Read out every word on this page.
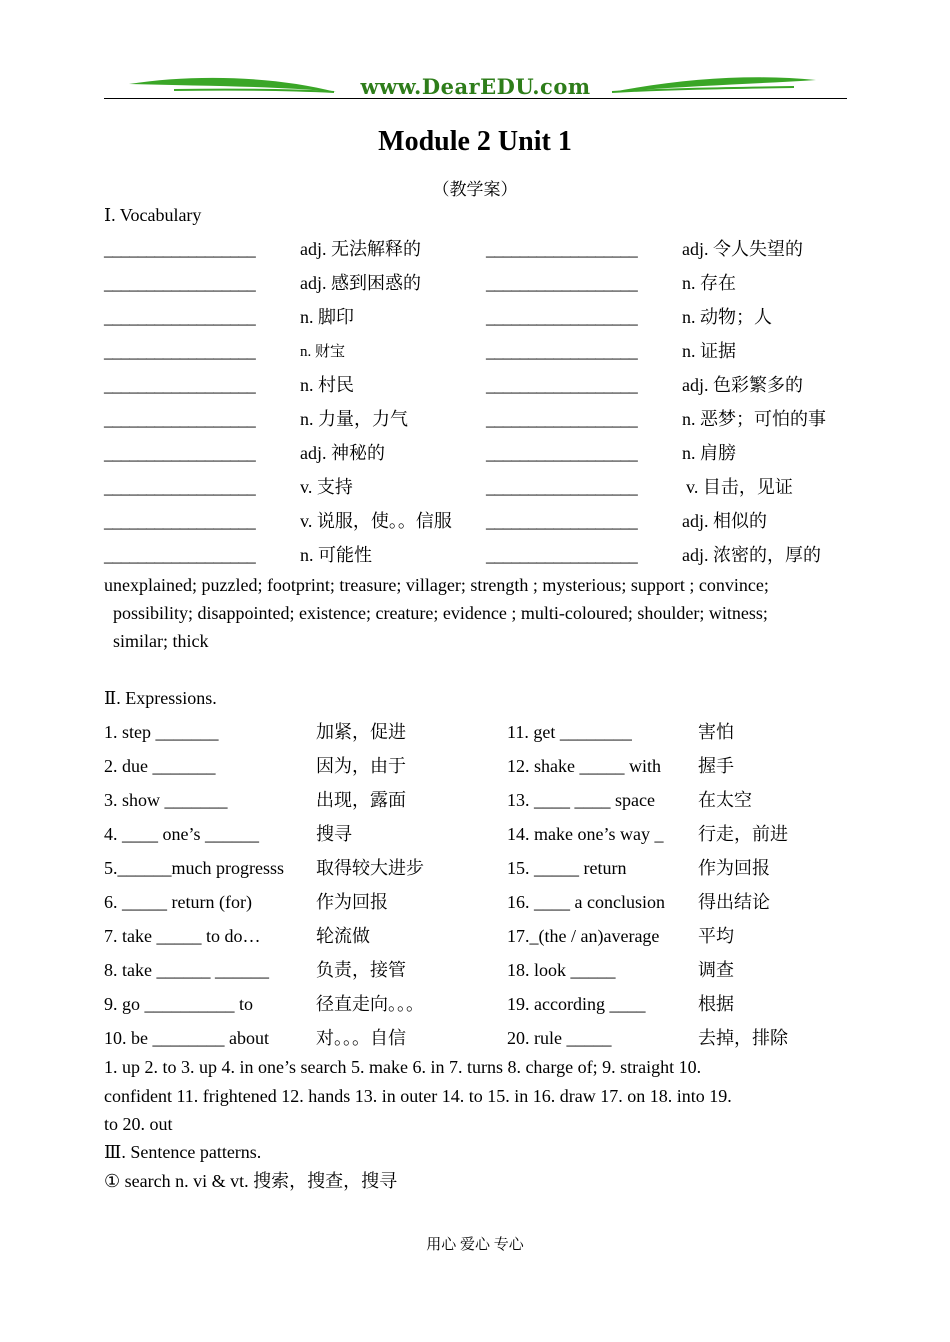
www.DearEDU.com
Module 2 Unit 1
（教学案）
Ⅰ. Vocabulary
__________________ adj. 无法解释的	__________________ adj. 令人失望的
__________________ adj. 感到困惑的	__________________ n. 存在
__________________ n. 脚印	__________________ n. 动物；人
__________________	n. 财宝	__________________ n. 证据
__________________ n. 村民	__________________ adj. 色彩繁多的
__________________ n. 力量，力气	__________________ n. 恶梦；可怕的事
__________________ adj. 神秘的	__________________ n. 肩膀
__________________ v. 支持	__________________	v. 目击，见证
__________________ v. 说服，使。。信服 __________________ adj. 相似的
__________________ n. 可能性	__________________ adj. 浓密的，厚的
unexplained; puzzled; footprint; treasure; villager; strength ; mysterious; support ; convince;
possibility; disappointed; existence; creature; evidence ; multi-coloured; shoulder; witness;
similar; thick
Ⅱ. Expressions.
1. step _______	加紧，促进	11. get ________	害怕
2. due _______	因为，由于	12. shake _____ with 握手
3. show _______	出现，露面	13. ____ ____ space 在太空
4. ____ one’s ______	搜寻	14. make one’s way _ 行走，前进
5.______much progresss 取得较大进步	15. _____ return	作为回报
6. _____ return (for)	作为回报	16. ____ a conclusion 得出结论
7. take _____ to do…	轮流做	17._(the / an)average 平均
8. take ______ ______	负责，接管	18. look _____	调查
9. go __________ to	径直走向。。。	19. according ____	根据
10. be ________ about	对。。。自信	20. rule _____	去掉，排除
1. up 2. to 3. up 4. in one’s search 5. make 6. in 7. turns 8. charge of; 9. straight 10.
confident 11. frightened 12. hands 13. in outer 14. to 15. in 16. draw 17. on 18. into 19.
to 20. out
Ⅲ. Sentence patterns.
① search n. vi & vt. 搜索，搜查，搜寻
用心 爱心 专心
